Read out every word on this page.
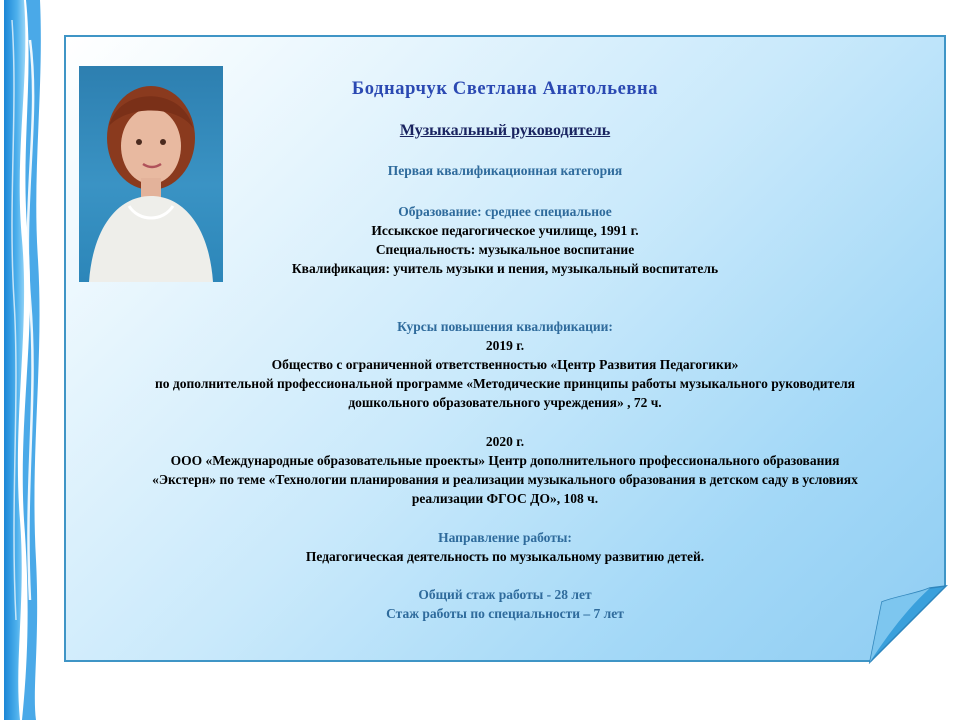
Боднарчук Светлана Анатольевна
Музыкальный руководитель
Первая квалификационная категория
Образование: среднее специальное
Иссыкское педагогическое училище, 1991 г.
Специальность: музыкальное воспитание
Квалификация: учитель музыки и пения, музыкальный воспитатель
Курсы повышения квалификации:
2019 г.
Общество с ограниченной ответственностью «Центр Развития Педагогики»
по дополнительной профессиональной программе «Методические принципы работы музыкального руководителя
дошкольного образовательного учреждения» , 72 ч.
2020 г.
ООО «Международные образовательные проекты» Центр дополнительного профессионального образования
«Экстерн» по теме «Технологии планирования и реализации музыкального образования в детском саду в условиях
реализации ФГОС ДО», 108 ч.
Направление работы:
Педагогическая деятельность по музыкальному развитию детей.
Общий стаж работы - 28 лет
Стаж работы по специальности – 7 лет
